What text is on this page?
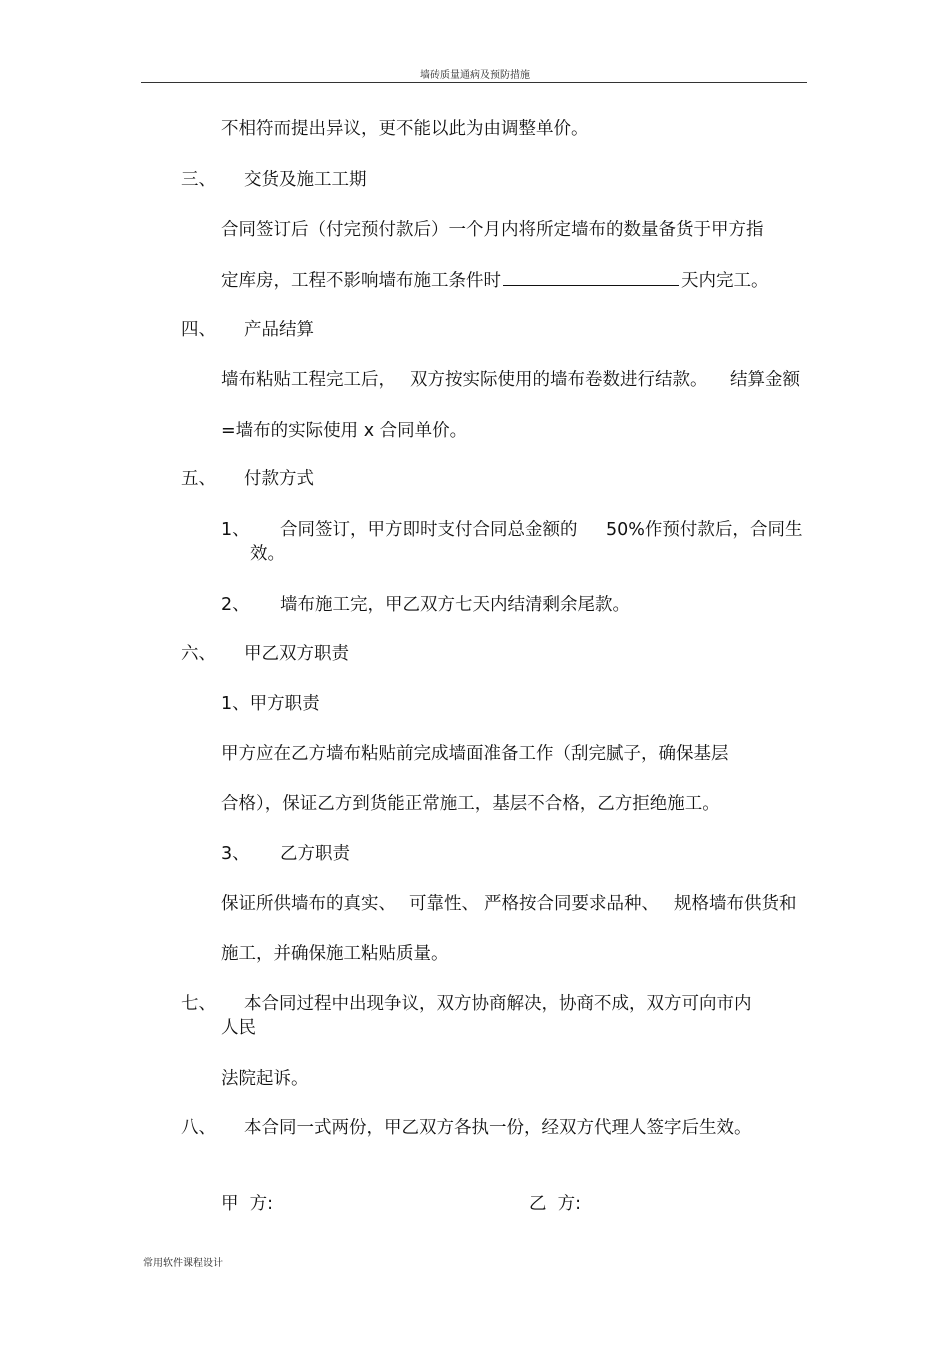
墙砖质量通病及预防措施
不相符而提出异议，更不能以此为由调整单价。
三、 交货及施工工期
合同签订后（付完预付款后）一个月内将所定墙布的数量备货于甲方指
定库房，工程不影响墙布施工条件时	天内完工。
四、 产品结算
墙布粘贴工程完工后， 双方按实际使用的墙布卷数进行结款。 结算金额
=墙布的实际使用 x 合同单价。
五、 付款方式
1、 合同签订，甲方即时支付合同总金额的 50%作预付款后， 合同生
效。
2、 墙布施工完，甲乙双方七天内结清剩余尾款。
六、 甲乙双方职责
1、甲方职责
甲方应在乙方墙布粘贴前完成墙面准备工作（刮完腻子，确保基层
合格），保证乙方到货能正常施工，基层不合格，乙方拒绝施工。
3、 乙方职责
保证所供墙布的真实、 可靠性、 严格按合同要求品种、 规格墙布供货和
施工，并确保施工粘贴质量。
七、 本合同过程中出现争议，双方协商解决，协商不成，双方可向市内
人民
法院起诉。
八、 本合同一式两份，甲乙双方各执一份，经双方代理人签字后生效。
甲  方:	乙  方:
常用软件课程设计
